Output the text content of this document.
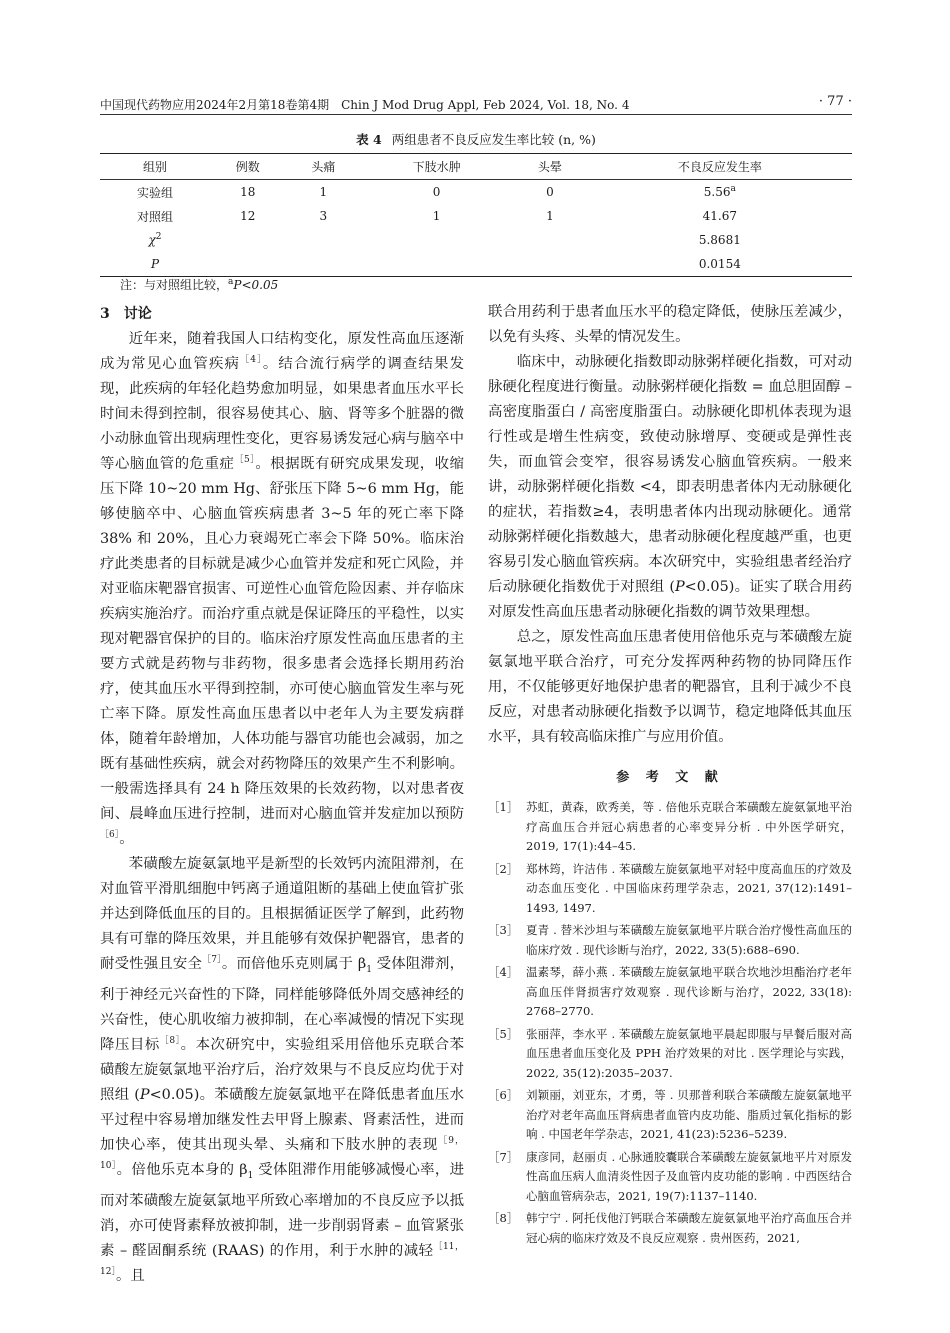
中国现代药物应用2024年2月第18卷第4期　Chin J Mod Drug Appl, Feb 2024, Vol. 18, No. 4	· 77 ·
表 4 两组患者不良反应发生率比较 (n, %)
组别	例数	头痛	下肢水肿	头晕	不良反应发生率
实验组	18	1	0	0	5.56$^a$
对照组	12	3	1	1	41.67
$\chi^2$					5.8681
P					0.0154
注：与对照组比较，$^a$P<0.05
3　讨论

近年来，随着我国人口结构变化，原发性高血压逐渐成为常见心血管疾病$^{[4]}$。结合流行病学的调查结果发现，此疾病的年轻化趋势愈加明显，如果患者血压水平长时间未得到控制，很容易使其心、脑、肾等多个脏器的微小动脉血管出现病理性变化，更容易诱发冠心病与脑卒中等心脑血管的危重症$^{[5]}$。根据既有研究成果发现，收缩压下降 10~20 mm Hg、舒张压下降 5~6 mm Hg，能够使脑卒中、心脑血管疾病患者 3~5 年的死亡率下降 38% 和 20%，且心力衰竭死亡率会下降 50%。临床治疗此类患者的目标就是减少心血管并发症和死亡风险，并对亚临床靶器官损害、可逆性心血管危险因素、并存临床疾病实施治疗。而治疗重点就是保证降压的平稳性，以实现对靶器官保护的目的。临床治疗原发性高血压患者的主要方式就是药物与非药物，很多患者会选择长期用药治疗，使其血压水平得到控制，亦可使心脑血管发生率与死亡率下降。原发性高血压患者以中老年人为主要发病群体，随着年龄增加，人体功能与器官功能也会减弱，加之既有基础性疾病，就会对药物降压的效果产生不利影响。一般需选择具有 24 h 降压效果的长效药物，以对患者夜间、晨峰血压进行控制，进而对心脑血管并发症加以预防$^{[6]}$。

苯磺酸左旋氨氯地平是新型的长效钙内流阻滞剂，在对血管平滑肌细胞中钙离子通道阻断的基础上使血管扩张并达到降低血压的目的。且根据循证医学了解到，此药物具有可靠的降压效果，并且能够有效保护靶器官，患者的耐受性强且安全$^{[7]}$。而倍他乐克则属于 $\beta_1$ 受体阻滞剂，利于神经元兴奋性的下降，同样能够降低外周交感神经的兴奋性，使心肌收缩力被抑制，在心率减慢的情况下实现降压目标$^{[8]}$。本次研究中，实验组采用倍他乐克联合苯磺酸左旋氨氯地平治疗后，治疗效果与不良反应均优于对照组 (P<0.05)。苯磺酸左旋氨氯地平在降低患者血压水平过程中容易增加继发性去甲肾上腺素、肾素活性，进而加快心率，使其出现头晕、头痛和下肢水肿的表现$^{[9,10]}$。倍他乐克本身的 $\beta_1$ 受体阻滞作用能够减慢心率，进而对苯磺酸左旋氨氯地平所致心率增加的不良反应予以抵消，亦可使肾素释放被抑制，进一步削弱肾素 – 血管紧张素 – 醛固酮系统 (RAAS) 的作用，利于水肿的减轻$^{[11,12]}$。且

联合用药利于患者血压水平的稳定降低，使脉压差减少，以免有头疼、头晕的情况发生。

临床中，动脉硬化指数即动脉粥样硬化指数，可对动脉硬化程度进行衡量。动脉粥样硬化指数 = 血总胆固醇 – 高密度脂蛋白 / 高密度脂蛋白。动脉硬化即机体表现为退行性或是增生性病变，致使动脉增厚、变硬或是弹性丧失，而血管会变窄，很容易诱发心脑血管疾病。一般来讲，动脉粥样硬化指数 <4，即表明患者体内无动脉硬化的症状，若指数≥4，表明患者体内出现动脉硬化。通常动脉粥样硬化指数越大，患者动脉硬化程度越严重，也更容易引发心脑血管疾病。本次研究中，实验组患者经治疗后动脉硬化指数优于对照组 (P<0.05)。证实了联合用药对原发性高血压患者动脉硬化指数的调节效果理想。

总之，原发性高血压患者使用倍他乐克与苯磺酸左旋氨氯地平联合治疗，可充分发挥两种药物的协同降压作用，不仅能够更好地保护患者的靶器官，且利于减少不良反应，对患者动脉硬化指数予以调节，稳定地降低其血压水平，具有较高临床推广与应用价值。

参 考 文 献
［1］ 苏虹，黄森，欧秀美，等 . 倍他乐克联合苯磺酸左旋氨氯地平治疗高血压合并冠心病患者的心率变异分析 . 中外医学研究，2019, 17(1):44–45.
［2］ 郑林筠，许洁伟 . 苯磺酸左旋氨氯地平对轻中度高血压的疗效及动态血压变化 . 中国临床药理学杂志，2021, 37(12):1491–1493, 1497.
［3］ 夏青 . 替米沙坦与苯磺酸左旋氨氯地平片联合治疗慢性高血压的临床疗效 . 现代诊断与治疗，2022, 33(5):688–690.
［4］ 温素琴，薛小燕 . 苯磺酸左旋氨氯地平联合坎地沙坦酯治疗老年高血压伴肾损害疗效观察 . 现代诊断与治疗，2022, 33(18): 2768–2770.
［5］ 张丽萍，李水平 . 苯磺酸左旋氨氯地平晨起即服与早餐后服对高血压患者血压变化及 PPH 治疗效果的对比 . 医学理论与实践，2022, 35(12):2035–2037.
［6］ 刘颖丽，刘亚东，才勇，等 . 贝那普利联合苯磺酸左旋氨氯地平治疗对老年高血压肾病患者血管内皮功能、脂质过氧化指标的影响 . 中国老年学杂志，2021, 41(23):5236–5239.
［7］ 康彦同，赵丽贞 . 心脉通胶囊联合苯磺酸左旋氨氯地平片对原发性高血压病人血清炎性因子及血管内皮功能的影响 . 中西医结合心脑血管病杂志，2021, 19(7):1137–1140.
［8］ 韩宁宁 . 阿托伐他汀钙联合苯磺酸左旋氨氯地平治疗高血压合并冠心病的临床疗效及不良反应观察 . 贵州医药，2021,
